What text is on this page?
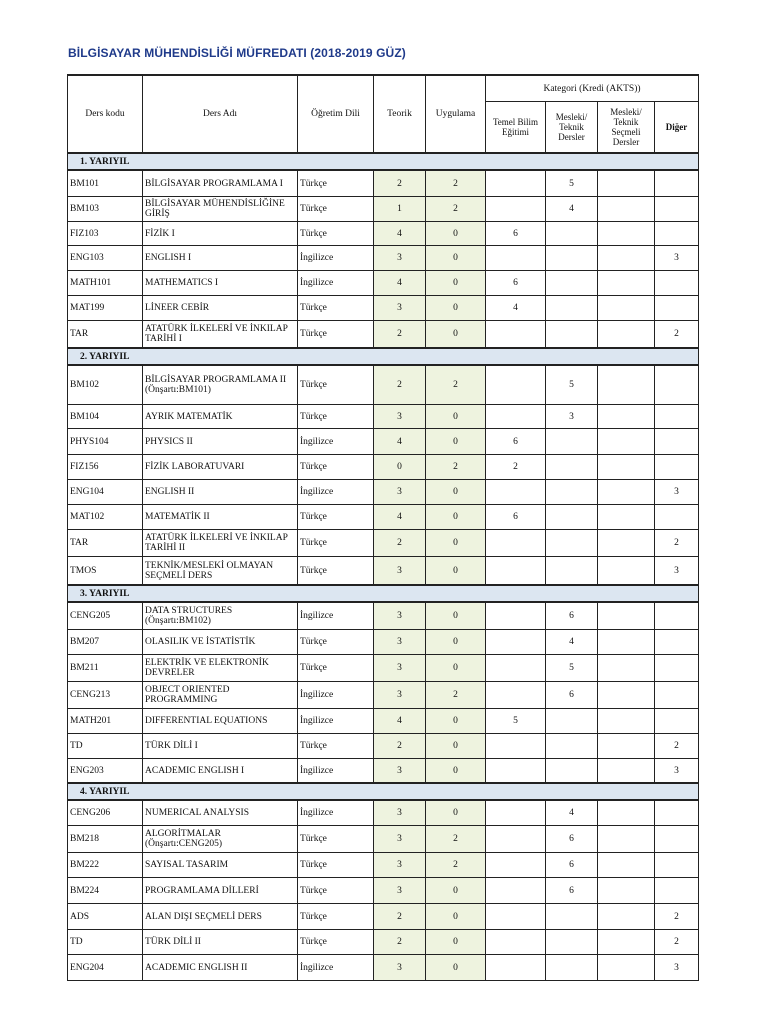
BİLGİSAYAR MÜHENDİSLİĞİ MÜFREDATI (2018-2019 GÜZ)
Ders kodu	Ders Adı	Öğretim Dili	Teorik	Uygulama	Kategori (Kredi (AKTS))			
					Temel Bilim Eğitimi	Mesleki/ Teknik Dersler	Mesleki/ Teknik Seçmeli Dersler	Diğer
1. YARIYIL								
BM101	BİLGİSAYAR PROGRAMLAMA I	Türkçe	2	2		5		
BM103	BİLGİSAYAR MÜHENDİSLİĞİNE GİRİŞ	Türkçe	1	2		4		
FIZ103	FİZİK I	Türkçe	4	0	6			
ENG103	ENGLISH I	İngilizce	3	0				3
MATH101	MATHEMATICS I	İngilizce	4	0	6			
MAT199	LİNEER CEBİR	Türkçe	3	0	4			
TAR	ATATÜRK İLKELERİ VE İNKILAP TARİHİ I	Türkçe	2	0				2
2. YARIYIL								
BM102	BİLGİSAYAR PROGRAMLAMA II (Önşartı:BM101)	Türkçe	2	2		5		
BM104	AYRIK MATEMATİK	Türkçe	3	0		3		
PHYS104	PHYSICS II	İngilizce	4	0	6			
FIZ156	FİZİK LABORATUVARI	Türkçe	0	2	2			
ENG104	ENGLISH II	İngilizce	3	0				3
MAT102	MATEMATİK II	Türkçe	4	0	6			
TAR	ATATÜRK İLKELERİ VE İNKILAP TARİHİ II	Türkçe	2	0				2
TMOS	TEKNİK/MESLEKİ OLMAYAN SEÇMELİ DERS	Türkçe	3	0				3
3. YARIYIL								
CENG205	DATA STRUCTURES (Önşartı:BM102)	İngilizce	3	0		6		
BM207	OLASILIK VE İSTATİSTİK	Türkçe	3	0		4		
BM211	ELEKTRİK VE ELEKTRONİK DEVRELER	Türkçe	3	0		5		
CENG213	OBJECT ORIENTED PROGRAMMING	İngilizce	3	2		6		
MATH201	DIFFERENTIAL EQUATIONS	İngilizce	4	0	5			
TD	TÜRK DİLİ I	Türkçe	2	0				2
ENG203	ACADEMIC ENGLISH I	İngilizce	3	0				3
4. YARIYIL								
CENG206	NUMERICAL ANALYSIS	İngilizce	3	0		4		
BM218	ALGORİTMALAR (Önşartı:CENG205)	Türkçe	3	2		6		
BM222	SAYISAL TASARIM	Türkçe	3	2		6		
BM224	PROGRAMLAMA DİLLERİ	Türkçe	3	0		6		
ADS	ALAN DIŞI SEÇMELİ DERS	Türkçe	2	0				2
TD	TÜRK DİLİ II	Türkçe	2	0				2
ENG204	ACADEMIC ENGLISH II	İngilizce	3	0				3
